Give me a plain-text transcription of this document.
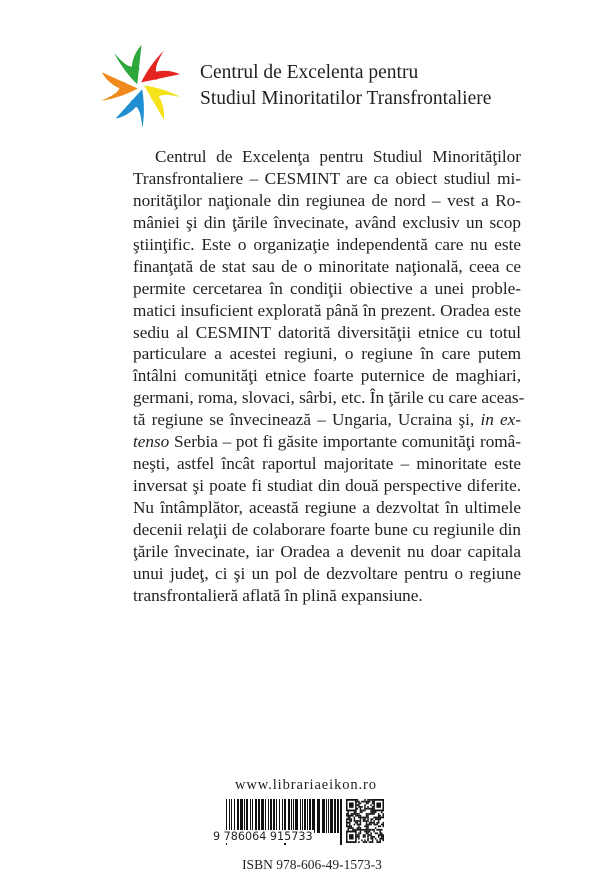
Centrul de Excelenta pentru
Studiul Minoritatilor Transfrontaliere
Centrul de Excelenţa pentru Studiul Minorităţilor
Transfrontaliere – CESMINT are ca obiect studiul mi-
norităţilor naţionale din regiunea de nord – vest a Ro-
mâniei şi din ţările învecinate, având exclusiv un scop
ştiinţific. Este o organizaţie independentă care nu este
finanţată de stat sau de o minoritate naţională, ceea ce
permite cercetarea în condiţii obiective a unei proble-
matici insuficient explorată până în prezent. Oradea este
sediu al CESMINT datorită diversităţii etnice cu totul
particulare a acestei regiuni, o regiune în care putem
întâlni comunităţi etnice foarte puternice de maghiari,
germani, roma, slovaci, sârbi, etc. În ţările cu care aceas-
tă regiune se învecinează – Ungaria, Ucraina şi, in ex-
tenso Serbia – pot fi găsite importante comunităţi româ-
neşti, astfel încât raportul majoritate – minoritate este
inversat şi poate fi studiat din două perspective diferite.
Nu întâmplător, această regiune a dezvoltat în ultimele
decenii relaţii de colaborare foarte bune cu regiunile din
ţările învecinate, iar Oradea a devenit nu doar capitala
unui judeţ, ci şi un pol de dezvoltare pentru o regiune
transfrontalieră aflată în plină expansiune.
www.librariaeikon.ro
9 786064 915733
ISBN 978-606-49-1573-3
